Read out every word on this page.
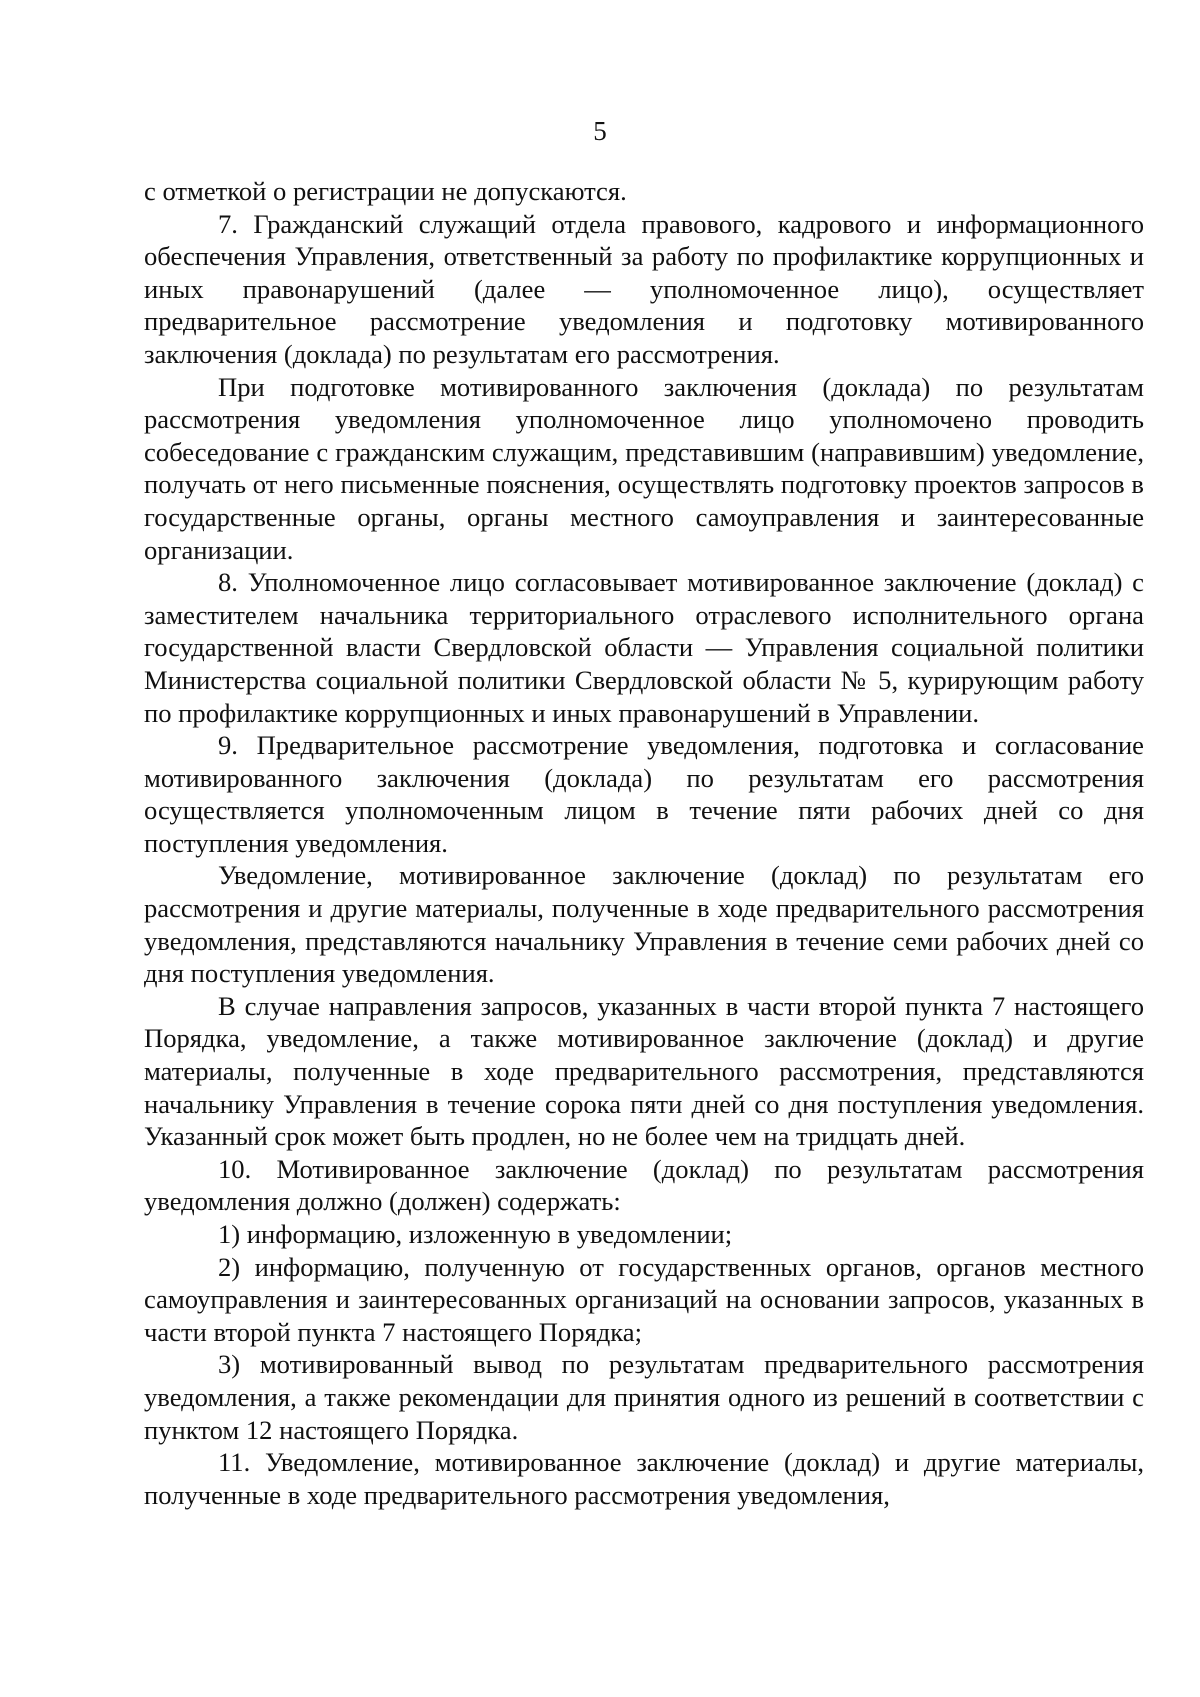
5

с отметкой о регистрации не допускаются.

7. Гражданский служащий отдела правового, кадрового и информационного обеспечения Управления, ответственный за работу по профилактике коррупционных и иных правонарушений (далее — уполномоченное лицо), осуществляет предварительное рассмотрение уведомления и подготовку мотивированного заключения (доклада) по результатам его рассмотрения.

При подготовке мотивированного заключения (доклада) по результатам рассмотрения уведомления уполномоченное лицо уполномочено проводить собеседование с гражданским служащим, представившим (направившим) уведомление, получать от него письменные пояснения, осуществлять подготовку проектов запросов в государственные органы, органы местного самоуправления и заинтересованные организации.

8. Уполномоченное лицо согласовывает мотивированное заключение (доклад) с заместителем начальника территориального отраслевого исполнительного органа государственной власти Свердловской области — Управления социальной политики Министерства социальной политики Свердловской области № 5, курирующим работу по профилактике коррупционных и иных правонарушений в Управлении.

9. Предварительное рассмотрение уведомления, подготовка и согласование мотивированного заключения (доклада) по результатам его рассмотрения осуществляется уполномоченным лицом в течение пяти рабочих дней со дня поступления уведомления.

Уведомление, мотивированное заключение (доклад) по результатам его рассмотрения и другие материалы, полученные в ходе предварительного рассмотрения уведомления, представляются начальнику Управления в течение семи рабочих дней со дня поступления уведомления.

В случае направления запросов, указанных в части второй пункта 7 настоящего Порядка, уведомление, а также мотивированное заключение (доклад) и другие материалы, полученные в ходе предварительного рассмотрения, представляются начальнику Управления в течение сорока пяти дней со дня поступления уведомления. Указанный срок может быть продлен, но не более чем на тридцать дней.

10. Мотивированное заключение (доклад) по результатам рассмотрения уведомления должно (должен) содержать:

1) информацию, изложенную в уведомлении;

2) информацию, полученную от государственных органов, органов местного самоуправления и заинтересованных организаций на основании запросов, указанных в части второй пункта 7 настоящего Порядка;

3) мотивированный вывод по результатам предварительного рассмотрения уведомления, а также рекомендации для принятия одного из решений в соответствии с пунктом 12 настоящего Порядка.

11. Уведомление, мотивированное заключение (доклад) и другие материалы, полученные в ходе предварительного рассмотрения уведомления,
